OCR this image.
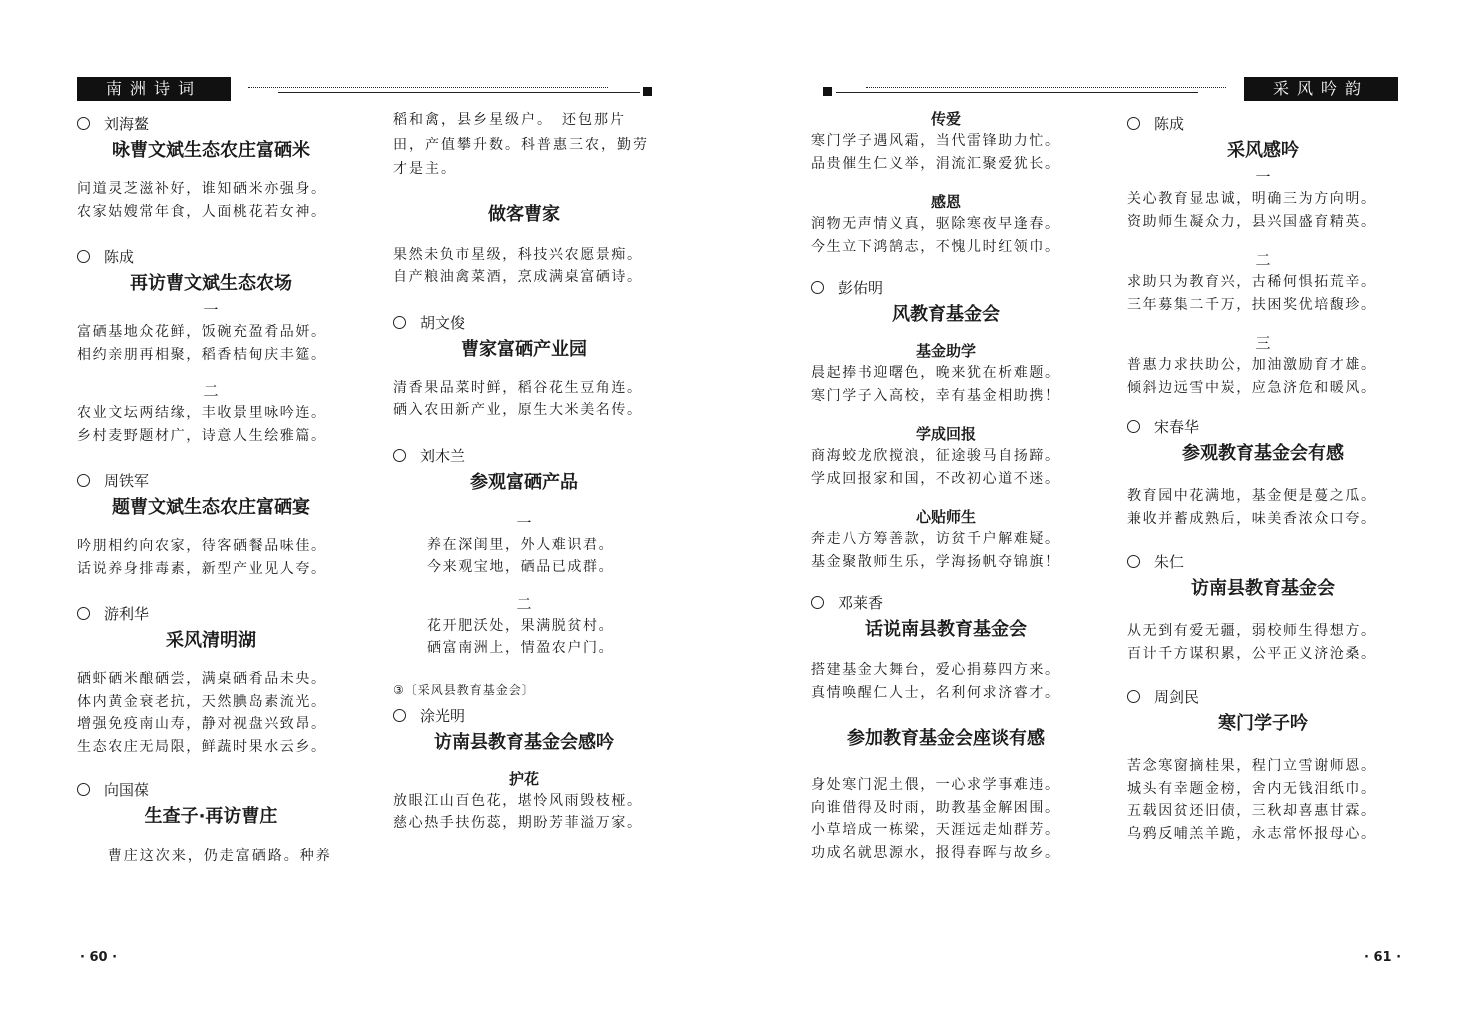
南洲诗词	采风吟韵
刘海鳌
咏曹文斌生态农庄富硒米
问道灵芝滋补好，谁知硒米亦强身。
农家姑嫂常年食，人面桃花若女神。
陈成
再访曹文斌生态农场
一
富硒基地众花鲜，饭碗充盈肴品妍。
相约亲朋再相聚，稻香桔甸庆丰筵。
二
农业文坛两结缘，丰收景里咏吟连。
乡村麦野题材广，诗意人生绘雅篇。
周铁军
题曹文斌生态农庄富硒宴
吟朋相约向农家，待客硒餐品味佳。
话说养身排毒素，新型产业见人夸。
游利华
采风清明湖
硒虾硒米酿硒尝，满桌硒肴品未央。
体内黄金衰老抗，天然腆岛素流光。
增强免疫南山寿，静对视盘兴致昂。
生态农庄无局限，鲜蔬时果水云乡。
向国葆
生查子·再访曹庄
曹庄这次来，仍走富硒路。种养
稻和禽，县乡星级户。　还包那片田，产值攀升数。科普惠三农，勤劳才是主。
做客曹家
果然未负市星级，科技兴农愿景痴。
自产粮油禽菜酒，烹成满桌富硒诗。
胡文俊
曹家富硒产业园
清香果品菜时鲜，稻谷花生豆角连。
硒入农田新产业，原生大米美名传。
刘木兰
参观富硒产品
一
养在深闺里，外人难识君。
今来观宝地，硒品已成群。
二
花开肥沃处，果满脱贫村。
硒富南洲上，情盈农户门。
③〔采风县教育基金会〕
涂光明
访南县教育基金会感吟
护花
放眼江山百色花，堪怜风雨毁枝桠。
慈心热手扶伤蕊，期盼芳菲溢万家。
传爱
寒门学子遇风霜，当代雷锋助力忙。
品贵催生仁义举，涓流汇聚爱犹长。
感恩
润物无声情义真，驱除寒夜早逢春。
今生立下鸿鹄志，不愧儿时红领巾。
彭佑明
风教育基金会
基金助学
晨起捧书迎曙色，晚来犹在析难题。
寒门学子入高校，幸有基金相助携！
学成回报
商海蛟龙欣搅浪，征途骏马自扬蹄。
学成回报家和国，不改初心道不迷。
心贴师生
奔走八方筹善款，访贫千户解难疑。
基金聚散师生乐，学海扬帆夺锦旗！
邓莱香
话说南县教育基金会
搭建基金大舞台，爱心捐募四方来。
真情唤醒仁人士，名利何求济睿才。
参加教育基金会座谈有感
身处寒门泥土偎，一心求学事难违。
向谁借得及时雨，助教基金解困围。
小草培成一栋梁，天涯远走灿群芳。
功成名就思源水，报得春晖与故乡。
陈成
采风感吟
一
关心教育显忠诚，明确三为方向明。
资助师生凝众力，县兴国盛育精英。
二
求助只为教育兴，古稀何惧拓荒辛。
三年募集二千万，扶困奖优培馥珍。
三
普惠力求扶助公，加油激励育才雄。
倾斜边远雪中炭，应急济危和暖风。
宋春华
参观教育基金会有感
教育园中花满地，基金便是蔓之瓜。
兼收并蓄成熟后，味美香浓众口夸。
朱仁
访南县教育基金会
从无到有爱无疆，弱校师生得想方。
百计千方谋积累，公平正义济沧桑。
周剑民
寒门学子吟
苦念寒窗摘桂果，程门立雪谢师恩。
城头有幸题金榜，舍内无钱泪纸巾。
五载因贫还旧债，三秋却喜惠甘霖。
乌鸦反哺羔羊跪，永志常怀报母心。
· 60 ·	· 61 ·
